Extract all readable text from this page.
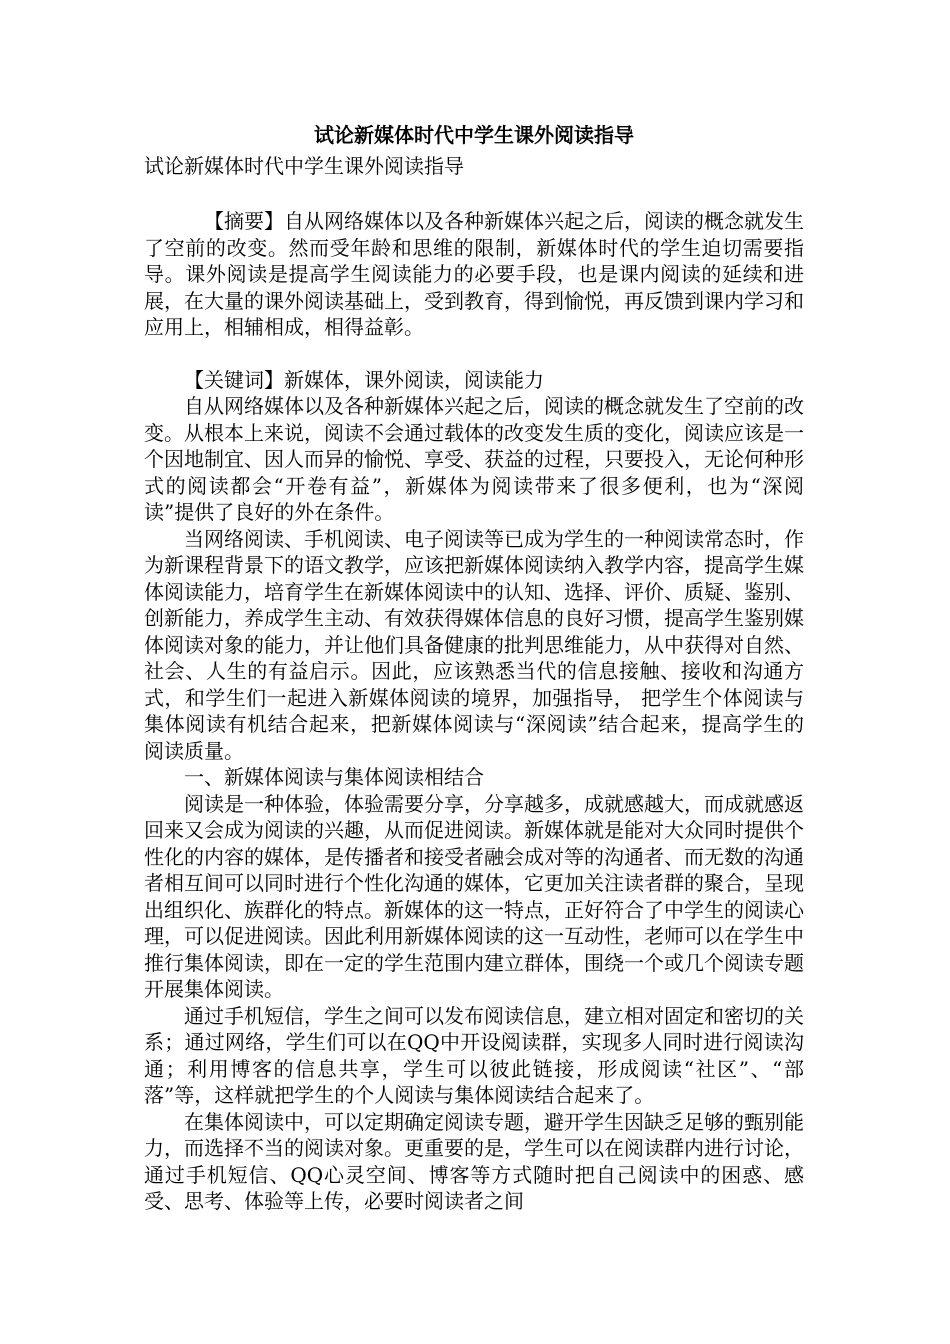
试论新媒体时代中学生课外阅读指导
试论新媒体时代中学生课外阅读指导

【摘要】自从网络媒体以及各种新媒体兴起之后，阅读的概念就发生了空前的改变。然而受年龄和思维的限制，新媒体时代的学生迫切需要指导。课外阅读是提高学生阅读能力的必要手段，也是课内阅读的延续和进展，在大量的课外阅读基础上，受到教育，得到愉悦，再反馈到课内学习和应用上，相辅相成，相得益彰。

【关键词】新媒体，课外阅读，阅读能力

自从网络媒体以及各种新媒体兴起之后，阅读的概念就发生了空前的改变。从根本上来说，阅读不会通过载体的改变发生质的变化，阅读应该是一个因地制宜、因人而异的愉悦、享受、获益的过程，只要投入，无论何种形式的阅读都会“开卷有益”，新媒体为阅读带来了很多便利，也为“深阅读”提供了良好的外在条件。

当网络阅读、手机阅读、电子阅读等已成为学生的一种阅读常态时，作为新课程背景下的语文教学，应该把新媒体阅读纳入教学内容，提高学生媒体阅读能力，培育学生在新媒体阅读中的认知、选择、评价、质疑、鉴别、创新能力，养成学生主动、有效获得媒体信息的良好习惯，提高学生鉴别媒体阅读对象的能力，并让他们具备健康的批判思维能力，从中获得对自然、社会、人生的有益启示。因此，应该熟悉当代的信息接触、接收和沟通方式，和学生们一起进入新媒体阅读的境界，加强指导， 把学生个体阅读与集体阅读有机结合起来，把新媒体阅读与“深阅读”结合起来，提高学生的阅读质量。

一、新媒体阅读与集体阅读相结合

阅读是一种体验，体验需要分享，分享越多，成就感越大，而成就感返回来又会成为阅读的兴趣，从而促进阅读。新媒体就是能对大众同时提供个性化的内容的媒体，是传播者和接受者融会成对等的沟通者、而无数的沟通者相互间可以同时进行个性化沟通的媒体，它更加关注读者群的聚合，呈现出组织化、族群化的特点。新媒体的这一特点，正好符合了中学生的阅读心理，可以促进阅读。因此利用新媒体阅读的这一互动性，老师可以在学生中推行集体阅读，即在一定的学生范围内建立群体，围绕一个或几个阅读专题开展集体阅读。

通过手机短信，学生之间可以发布阅读信息，建立相对固定和密切的关系；通过网络，学生们可以在QQ中开设阅读群，实现多人同时进行阅读沟通；利用博客的信息共享，学生可以彼此链接，形成阅读“社区”、“部落”等，这样就把学生的个人阅读与集体阅读结合起来了。

在集体阅读中，可以定期确定阅读专题，避开学生因缺乏足够的甄别能力，而选择不当的阅读对象。更重要的是，学生可以在阅读群内进行讨论，通过手机短信、QQ心灵空间、博客等方式随时把自己阅读中的困惑、感受、思考、体验等上传，必要时阅读者之间
